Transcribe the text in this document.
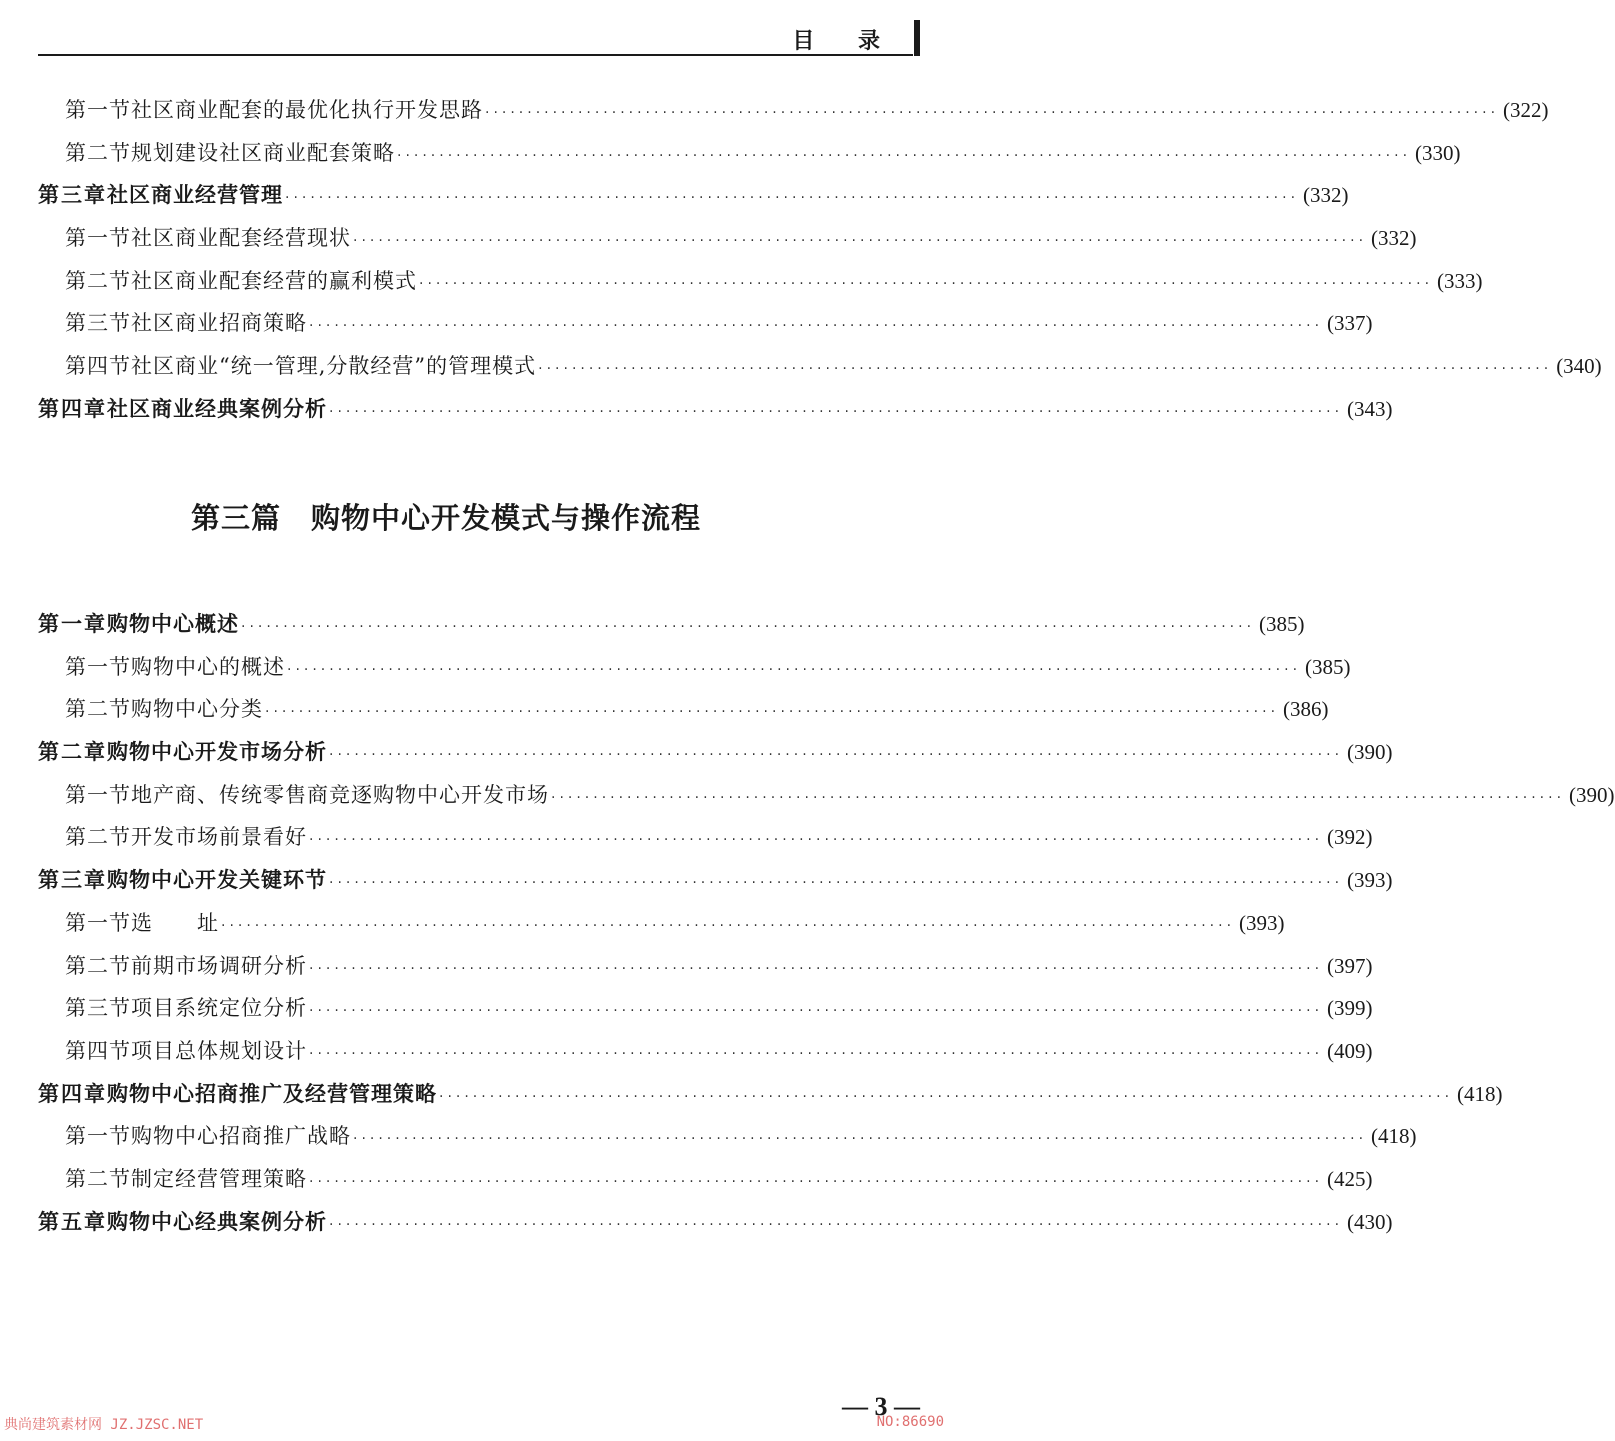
目 录
第一节 社区商业配套的最优化执行开发思路 ························································································································ (322)
第二节 规划建设社区商业配套策略 ························································································································ (330)
第三章 社区商业经营管理 ························································································································ (332)
第一节 社区商业配套经营现状 ························································································································ (332)
第二节 社区商业配套经营的赢利模式 ························································································································ (333)
第三节 社区商业招商策略 ························································································································ (337)
第四节 社区商业“统一管理,分散经营”的管理模式 ························································································································ (340)
第四章 社区商业经典案例分析 ························································································································ (343)
第三篇　购物中心开发模式与操作流程
第一章 购物中心概述 ························································································································ (385)
第一节 购物中心的概述 ························································································································ (385)
第二节 购物中心分类 ························································································································ (386)
第二章 购物中心开发市场分析 ························································································································ (390)
第一节 地产商、传统零售商竞逐购物中心开发市场 ························································································································ (390)
第二节 开发市场前景看好 ························································································································ (392)
第三章 购物中心开发关键环节 ························································································································ (393)
第一节 选　　址 ························································································································ (393)
第二节 前期市场调研分析 ························································································································ (397)
第三节 项目系统定位分析 ························································································································ (399)
第四节 项目总体规划设计 ························································································································ (409)
第四章 购物中心招商推广及经营管理策略 ························································································································ (418)
第一节 购物中心招商推广战略 ························································································································ (418)
第二节 制定经营管理策略 ························································································································ (425)
第五章 购物中心经典案例分析 ························································································································ (430)
— 3 —
典尚建筑素材网 JZ.JZSC.NET	NO:86690
